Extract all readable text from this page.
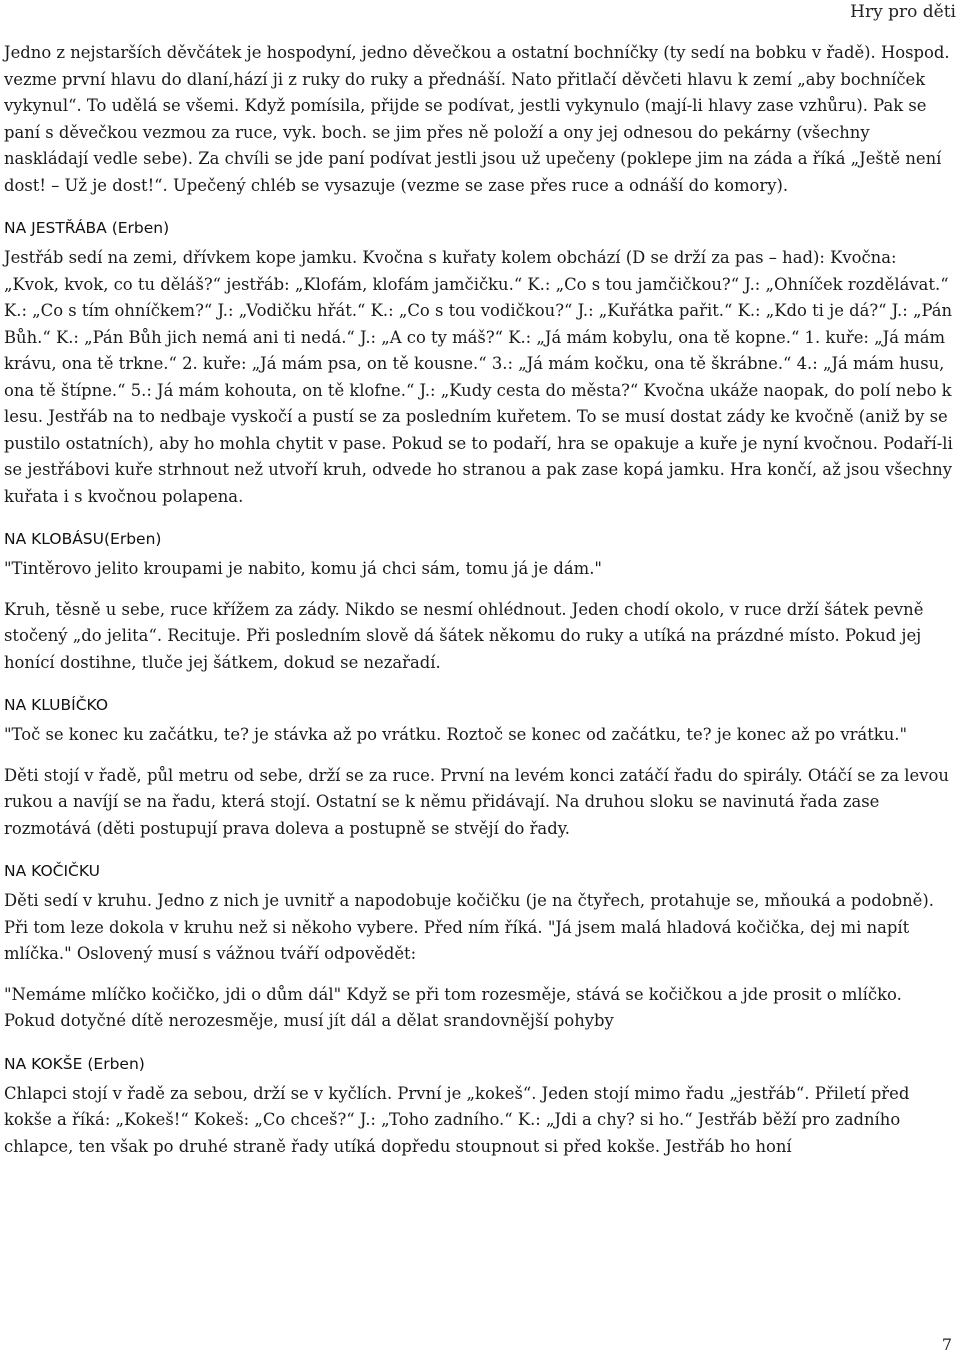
Hry pro děti

Jedno z nejstarších děvčátek je hospodyní, jedno děvečkou a ostatní bochníčky (ty sedí na bobku v řadě). Hospod. vezme první hlavu do dlaní,hází ji z ruky do ruky a přednáší. Nato přitlačí děvčeti hlavu k zemí „aby bochníček vykynul“. To udělá se všemi. Když pomísila, přijde se podívat, jestli vykynulo (mají-li hlavy zase vzhůru). Pak se paní s děvečkou vezmou za ruce, vyk. boch. se jim přes ně položí a ony jej odnesou do pekárny (všechny naskládají vedle sebe). Za chvíli se jde paní podívat jestli jsou už upečeny (poklepe jim na záda a říká „Ještě není dost! – Už je dost!“. Upečený chléb se vysazuje (vezme se zase přes ruce a odnáší do komory).

NA JESTŘÁBA (Erben)

Jestřáb sedí na zemi, dřívkem kope jamku. Kvočna s kuřaty kolem obchází (D se drží za pas – had): Kvočna: „Kvok, kvok, co tu děláš?“ jestřáb: „Klofám, klofám jamčičku.“ K.: „Co s tou jamčičkou?“ J.: „Ohníček rozdělávat.“ K.: „Co s tím ohníčkem?“ J.: „Vodičku hřát.“ K.: „Co s tou vodičkou?“ J.: „Kuřátka pařit.“ K.: „Kdo ti je dá?“ J.: „Pán Bůh.“ K.: „Pán Bůh jich nemá ani ti nedá.“ J.: „A co ty máš?“ K.: „Já mám kobylu, ona tě kopne.“ 1. kuře: „Já mám krávu, ona tě trkne.“ 2. kuře: „Já mám psa, on tě kousne.“ 3.: „Já mám kočku, ona tě škrábne.“ 4.: „Já mám husu, ona tě štípne.“ 5.: Já mám kohouta, on tě klofne.“ J.: „Kudy cesta do města?“ Kvočna ukáže naopak, do polí nebo k lesu. Jestřáb na to nedbaje vyskočí a pustí se za posledním kuřetem. To se musí dostat zády ke kvočně (aniž by se pustilo ostatních), aby ho mohla chytit v pase. Pokud se to podaří, hra se opakuje a kuře je nyní kvočnou. Podaří-li se jestřábovi kuře strhnout než utvoří kruh, odvede ho stranou a pak zase kopá jamku. Hra končí, až jsou všechny kuřata i s kvočnou polapena.

NA KLOBÁSU(Erben)

"Tintěrovo jelito kroupami je nabito, komu já chci sám, tomu já je dám."

Kruh, těsně u sebe, ruce křížem za zády. Nikdo se nesmí ohlédnout. Jeden chodí okolo, v ruce drží šátek pevně stočený „do jelita“. Recituje. Při posledním slově dá šátek někomu do ruky a utíká na prázdné místo. Pokud jej honící dostihne, tluče jej šátkem, dokud se nezařadí.

NA KLUBÍČKO

"Toč se konec ku začátku, te? je stávka až po vrátku. Roztoč se konec od začátku, te? je konec až po vrátku."

Děti stojí v řadě, půl metru od sebe, drží se za ruce. První na levém konci zatáčí řadu do spirály. Otáčí se za levou rukou a navíjí se na řadu, která stojí. Ostatní se k němu přidávají. Na druhou sloku se navinutá řada zase rozmotává (děti postupují prava doleva a postupně se stvějí do řady.

NA KOČIČKU

Děti sedí v kruhu. Jedno z nich je uvnitř a napodobuje kočičku (je na čtyřech, protahuje se, mňouká a podobně). Při tom leze dokola v kruhu než si někoho vybere. Před ním říká. "Já jsem malá hladová kočička, dej mi napít mlíčka." Oslovený musí s vážnou tváří odpovědět:

"Nemáme mlíčko kočičko, jdi o dům dál" Když se při tom rozesměje, stává se kočičkou a jde prosit o mlíčko. Pokud dotyčné dítě nerozesměje, musí jít dál a dělat srandovnější pohyby

NA KOKŠE (Erben)

Chlapci stojí v řadě za sebou, drží se v kyčlích. První je „kokeš“. Jeden stojí mimo řadu „jestřáb“. Přiletí před kokše a říká: „Kokeš!“ Kokeš: „Co chceš?“ J.: „Toho zadního.“ K.: „Jdi a chy? si ho.“ Jestřáb běží pro zadního chlapce, ten však po druhé straně řady utíká dopředu stoupnout si před kokše. Jestřáb ho honí

7
